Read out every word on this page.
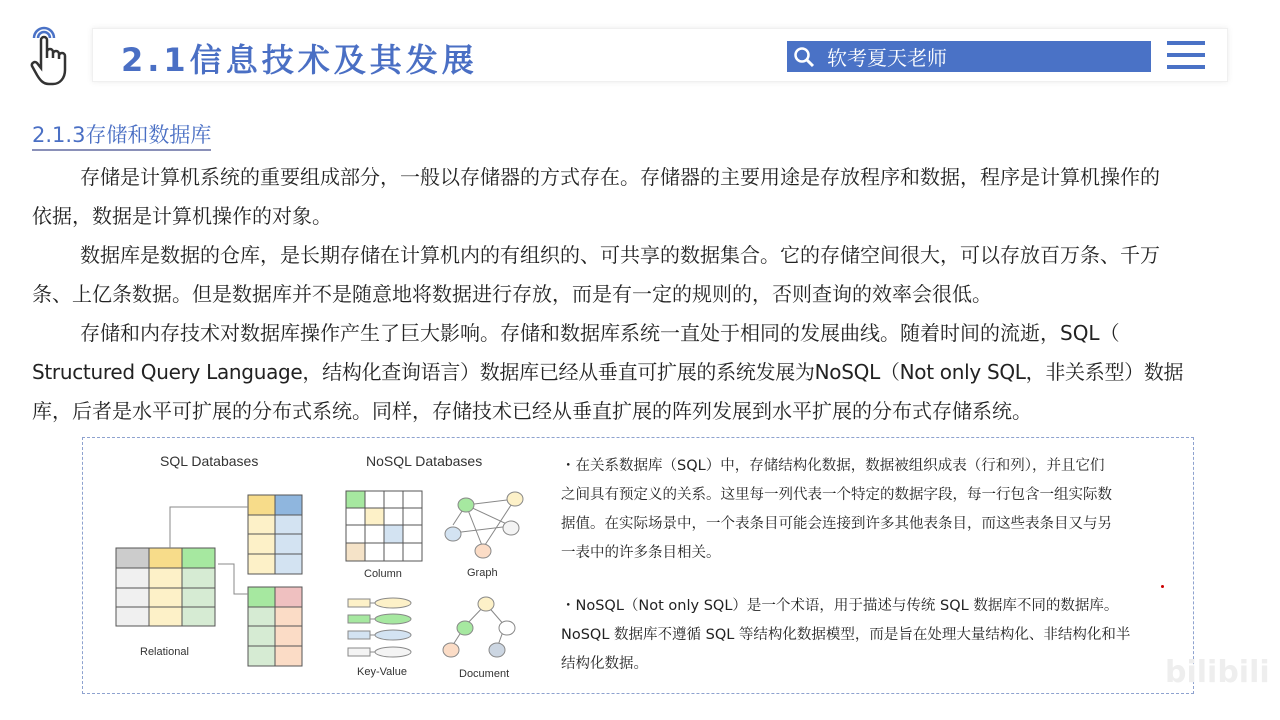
2.1信息技术及其发展	软考夏天老师
2.1.3存储和数据库
存储是计算机系统的重要组成部分，一般以存储器的方式存在。存储器的主要用途是存放程序和数据，程序是计算机操作的
依据，数据是计算机操作的对象。
数据库是数据的仓库，是长期存储在计算机内的有组织的、可共享的数据集合。它的存储空间很大，可以存放百万条、千万
条、上亿条数据。但是数据库并不是随意地将数据进行存放，而是有一定的规则的，否则查询的效率会很低。
存储和内存技术对数据库操作产生了巨大影响。存储和数据库系统一直处于相同的发展曲线。随着时间的流逝，SQL（
Structured Query Language，结构化查询语言）数据库已经从垂直可扩展的系统发展为NoSQL（Not only SQL，非关系型）数据
库，后者是水平可扩展的分布式系统。同样，存储技术已经从垂直扩展的阵列发展到水平扩展的分布式存储系统。
SQL Databases	NoSQL Databases
Relational
Column	Graph
Key-Value	Document
・在关系数据库（SQL）中，存储结构化数据，数据被组织成表（行和列），并且它们
之间具有预定义的关系。这里每一列代表一个特定的数据字段，每一行包含一组实际数
据值。在实际场景中，一个表条目可能会连接到许多其他表条目，而这些表条目又与另
一表中的许多条目相关。
・NoSQL（Not only SQL）是一个术语，用于描述与传统 SQL 数据库不同的数据库。
NoSQL 数据库不遵循 SQL 等结构化数据模型，而是旨在处理大量结构化、非结构化和半
结构化数据。	bilibili
